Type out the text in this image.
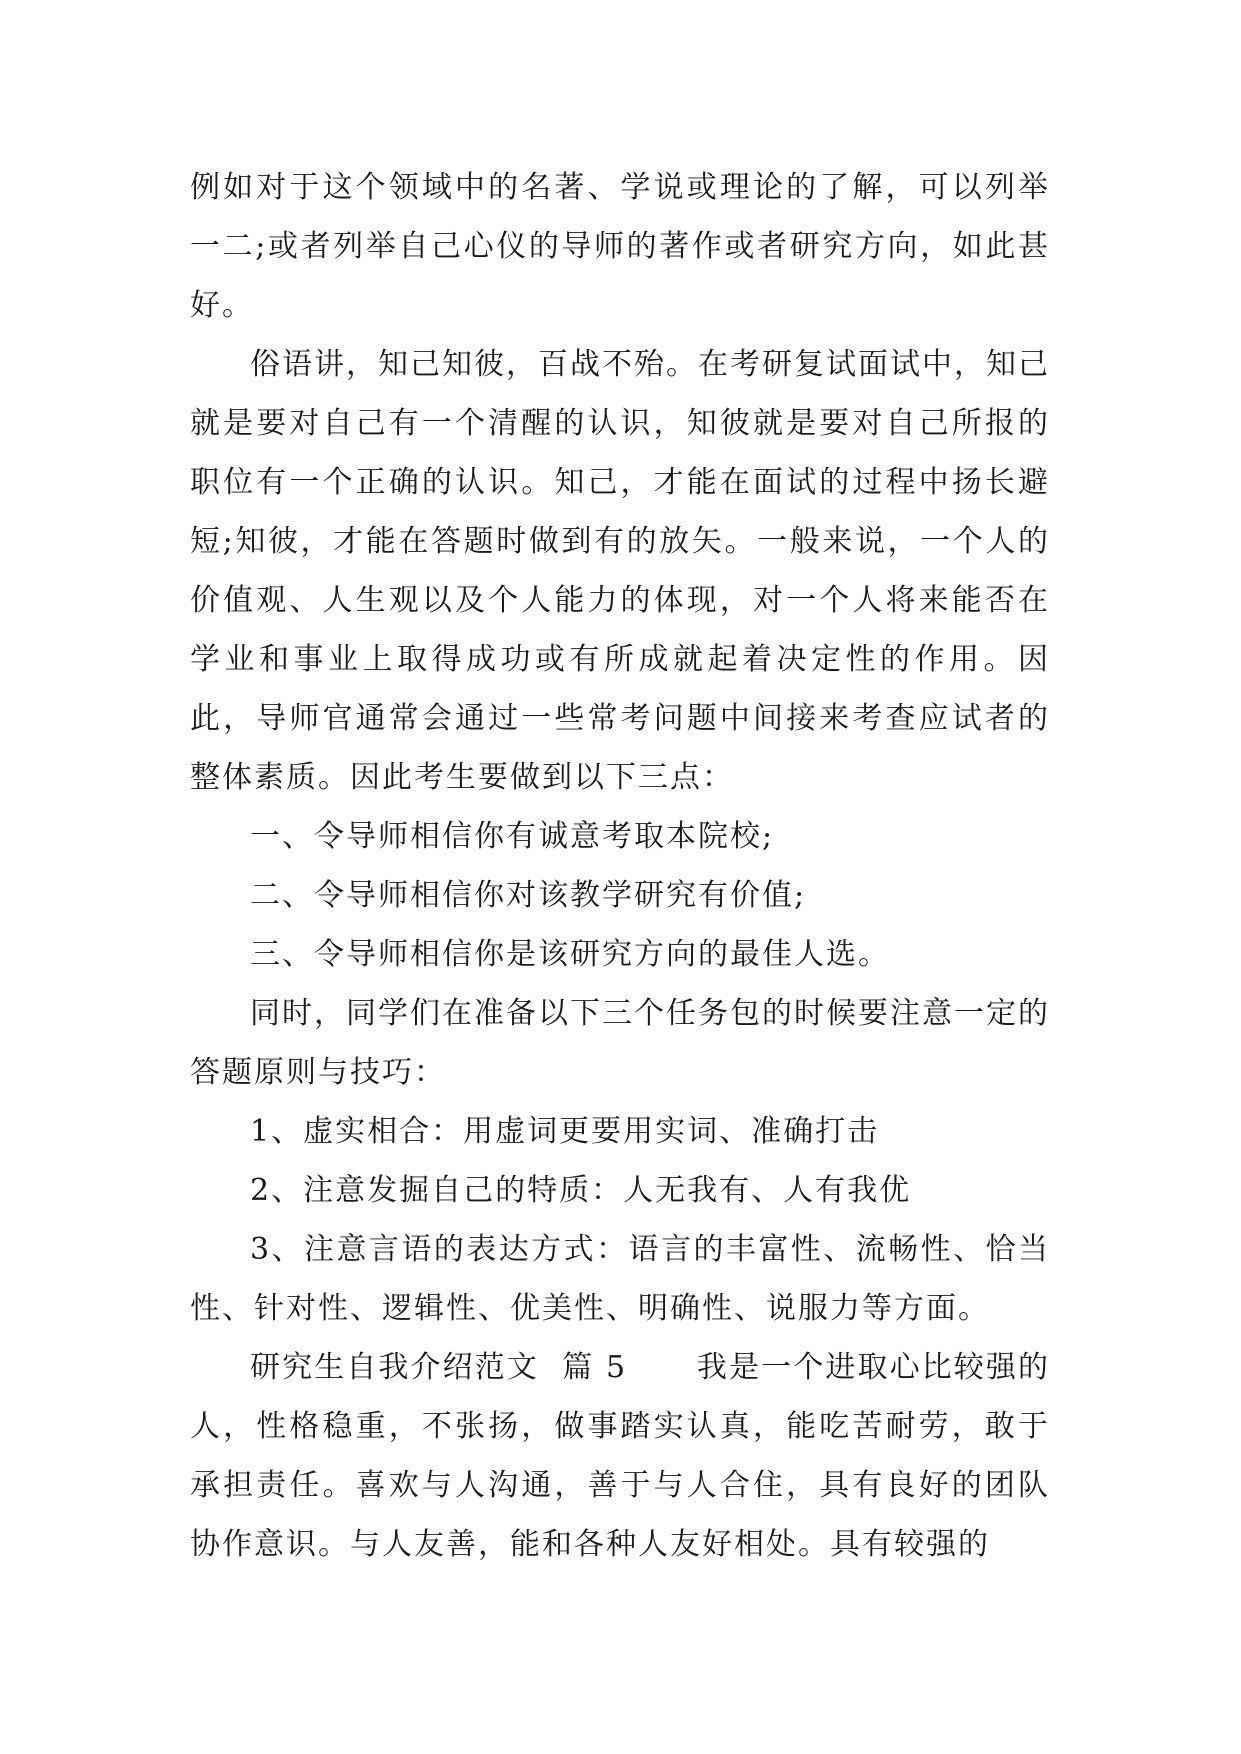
例如对于这个领域中的名著、学说或理论的了解，可以列举一二;或者列举自己心仪的导师的著作或者研究方向，如此甚好。

俗语讲，知己知彼，百战不殆。在考研复试面试中，知己就是要对自己有一个清醒的认识，知彼就是要对自己所报的职位有一个正确的认识。知己，才能在面试的过程中扬长避短;知彼，才能在答题时做到有的放矢。一般来说，一个人的价值观、人生观以及个人能力的体现，对一个人将来能否在学业和事业上取得成功或有所成就起着决定性的作用。因此，导师官通常会通过一些常考问题中间接来考查应试者的整体素质。因此考生要做到以下三点：

一、令导师相信你有诚意考取本院校;

二、令导师相信你对该教学研究有价值;

三、令导师相信你是该研究方向的最佳人选。

同时，同学们在准备以下三个任务包的时候要注意一定的答题原则与技巧：

1、虚实相合：用虚词更要用实词、准确打击

2、注意发掘自己的特质：人无我有、人有我优

3、注意言语的表达方式：语言的丰富性、流畅性、恰当性、针对性、逻辑性、优美性、明确性、说服力等方面。

研究生自我介绍范文  篇 5      我是一个进取心比较强的人，性格稳重，不张扬，做事踏实认真，能吃苦耐劳，敢于承担责任。喜欢与人沟通，善于与人合住，具有良好的团队协作意识。与人友善，能和各种人友好相处。具有较强的
